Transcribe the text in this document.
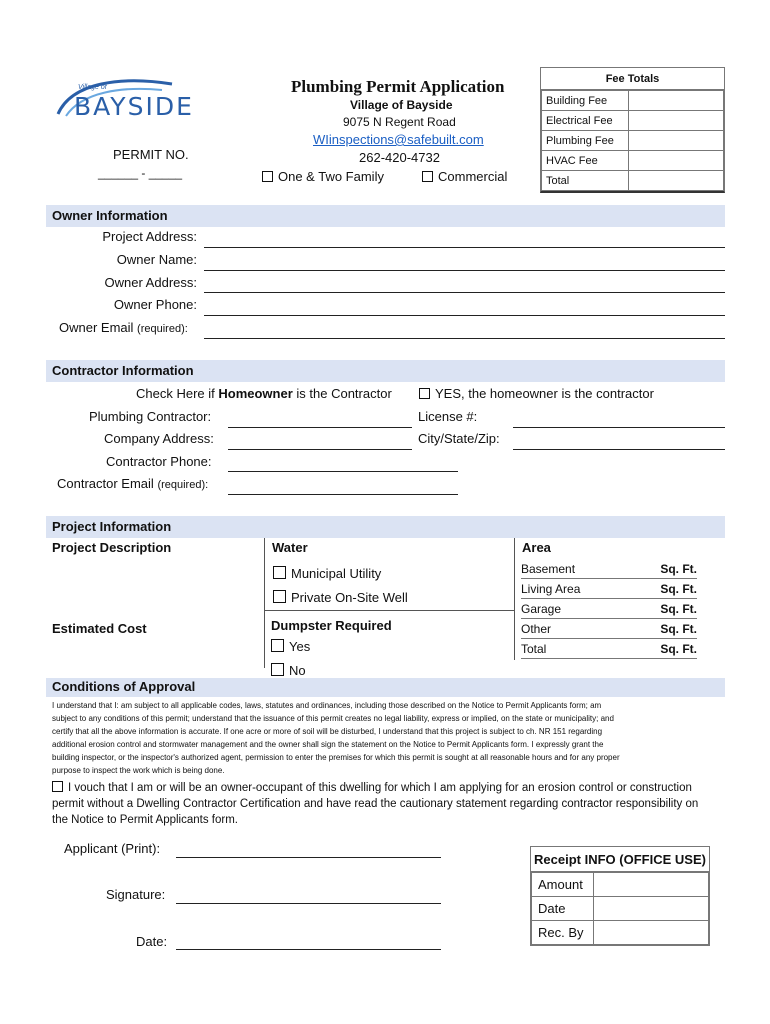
Village of
BAYSIDE
PERMIT NO.
______ - _____
Plumbing Permit Application
Village of Bayside
9075 N Regent Road
WIinspections@safebuilt.com
262-420-4732
One & Two Family	Commercial
Fee Totals
Building Fee	
Electrical Fee	
Plumbing Fee	
HVAC Fee	
Total	
Owner Information
Project Address:
Owner Name:
Owner Address:
Owner Phone:
Owner Email (required):
Contractor Information
Check Here if Homeowner is the Contractor	YES, the homeowner is the contractor
Plumbing Contractor:	License #:
Company Address:	City/State/Zip:
Contractor Phone:
Contractor Email (required):
Project Information
Project Description
Estimated Cost
Water
Municipal Utility
Private On-Site Well
Dumpster Required
Yes
No
Area
Basement	Sq. Ft.
Living Area	Sq. Ft.
Garage	Sq. Ft.
Other	Sq. Ft.
Total	Sq. Ft.
Conditions of Approval
I understand that I: am subject to all applicable codes, laws, statutes and ordinances, including those described on the Notice to Permit Applicants form; am
subject to any conditions of this permit; understand that the issuance of this permit creates no legal liability, express or implied, on the state or municipality; and
certify that all the above information is accurate. If one acre or more of soil will be disturbed, I understand that this project is subject to ch. NR 151 regarding
additional erosion control and stormwater management and the owner shall sign the statement on the Notice to Permit Applicants form. I expressly grant the
building inspector, or the inspector's authorized agent, permission to enter the premises for which this permit is sought at all reasonable hours and for any proper
purpose to inspect the work which is being done.
I vouch that I am or will be an owner-occupant of this dwelling for which I am applying for an erosion control or construction
permit without a Dwelling Contractor Certification and have read the cautionary statement regarding contractor responsibility on
the Notice to Permit Applicants form.
Applicant (Print):
Signature:
Date:
Receipt INFO (OFFICE USE)
Amount	
Date	
Rec. By	
